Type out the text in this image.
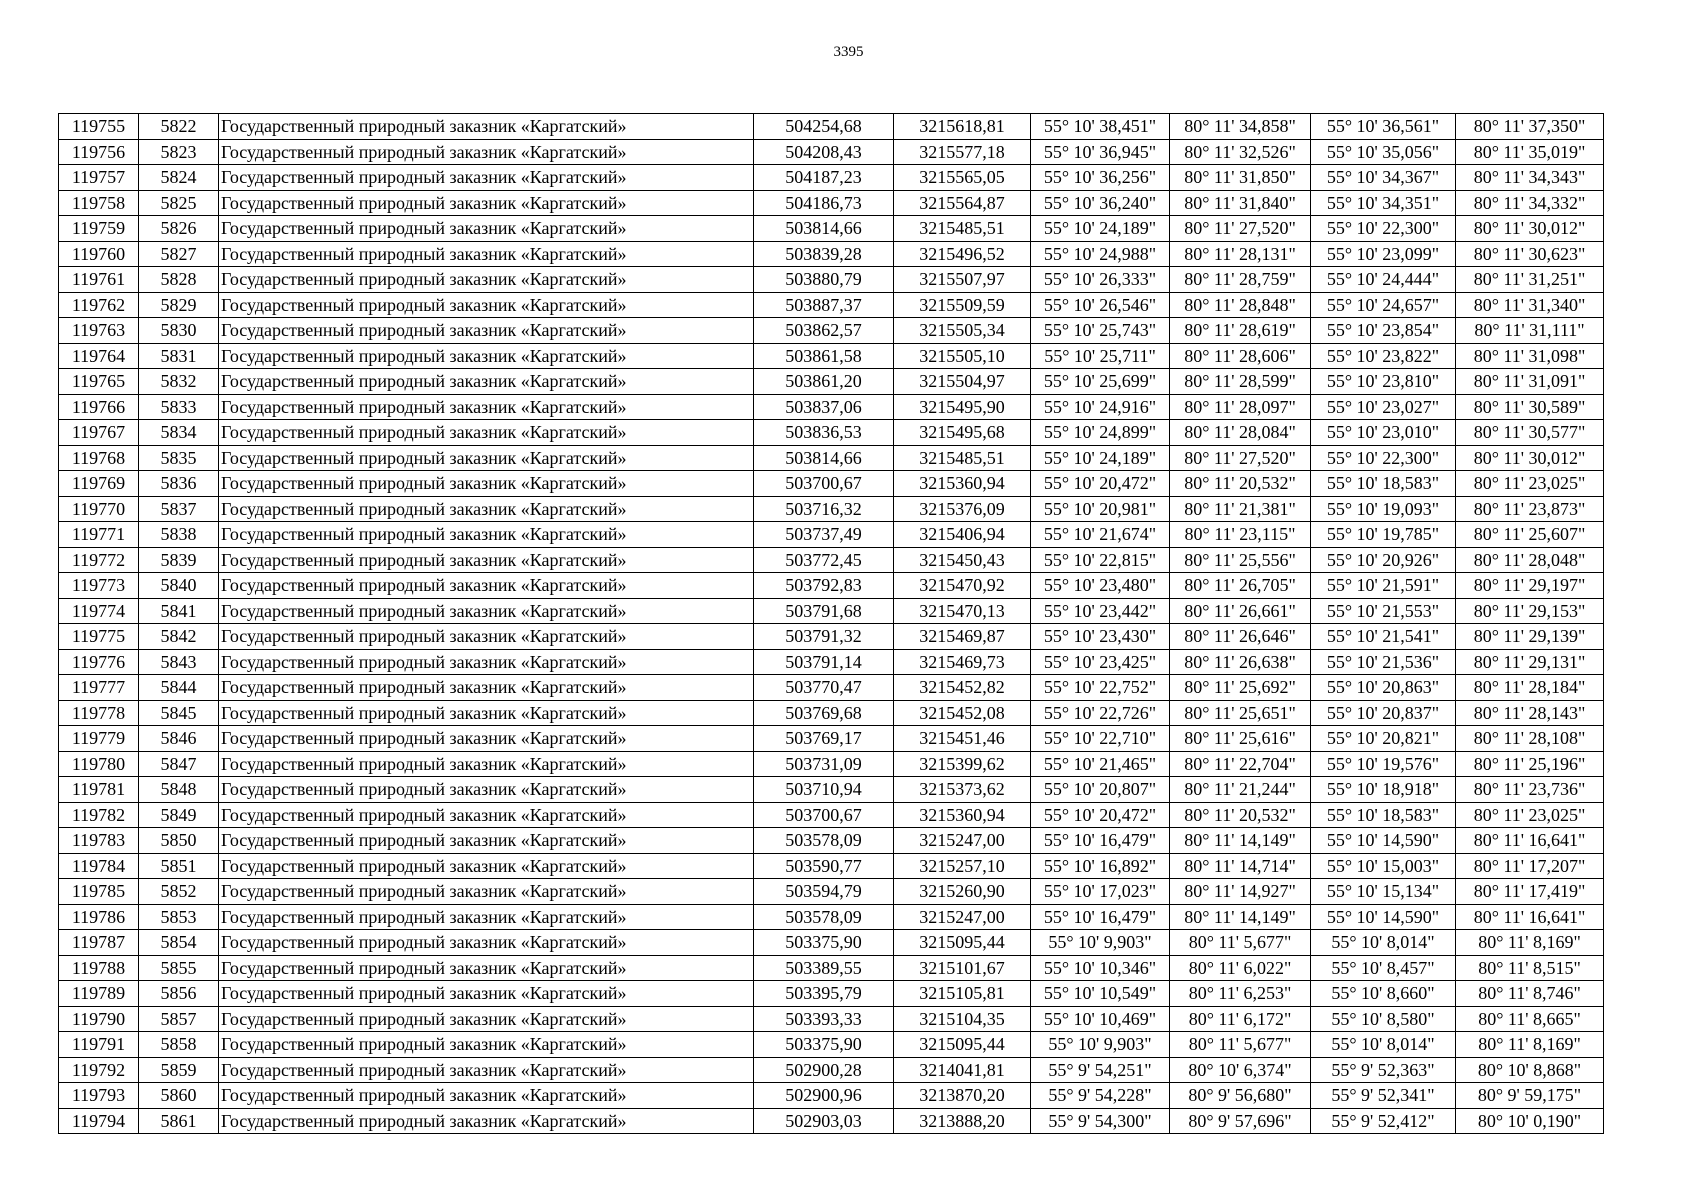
3395
119755	5822	Государственный природный заказник «Каргатский»	504254,68	3215618,81	55° 10' 38,451"	80° 11' 34,858"	55° 10' 36,561"	80° 11' 37,350"
119756	5823	Государственный природный заказник «Каргатский»	504208,43	3215577,18	55° 10' 36,945"	80° 11' 32,526"	55° 10' 35,056"	80° 11' 35,019"
119757	5824	Государственный природный заказник «Каргатский»	504187,23	3215565,05	55° 10' 36,256"	80° 11' 31,850"	55° 10' 34,367"	80° 11' 34,343"
119758	5825	Государственный природный заказник «Каргатский»	504186,73	3215564,87	55° 10' 36,240"	80° 11' 31,840"	55° 10' 34,351"	80° 11' 34,332"
119759	5826	Государственный природный заказник «Каргатский»	503814,66	3215485,51	55° 10' 24,189"	80° 11' 27,520"	55° 10' 22,300"	80° 11' 30,012"
119760	5827	Государственный природный заказник «Каргатский»	503839,28	3215496,52	55° 10' 24,988"	80° 11' 28,131"	55° 10' 23,099"	80° 11' 30,623"
119761	5828	Государственный природный заказник «Каргатский»	503880,79	3215507,97	55° 10' 26,333"	80° 11' 28,759"	55° 10' 24,444"	80° 11' 31,251"
119762	5829	Государственный природный заказник «Каргатский»	503887,37	3215509,59	55° 10' 26,546"	80° 11' 28,848"	55° 10' 24,657"	80° 11' 31,340"
119763	5830	Государственный природный заказник «Каргатский»	503862,57	3215505,34	55° 10' 25,743"	80° 11' 28,619"	55° 10' 23,854"	80° 11' 31,111"
119764	5831	Государственный природный заказник «Каргатский»	503861,58	3215505,10	55° 10' 25,711"	80° 11' 28,606"	55° 10' 23,822"	80° 11' 31,098"
119765	5832	Государственный природный заказник «Каргатский»	503861,20	3215504,97	55° 10' 25,699"	80° 11' 28,599"	55° 10' 23,810"	80° 11' 31,091"
119766	5833	Государственный природный заказник «Каргатский»	503837,06	3215495,90	55° 10' 24,916"	80° 11' 28,097"	55° 10' 23,027"	80° 11' 30,589"
119767	5834	Государственный природный заказник «Каргатский»	503836,53	3215495,68	55° 10' 24,899"	80° 11' 28,084"	55° 10' 23,010"	80° 11' 30,577"
119768	5835	Государственный природный заказник «Каргатский»	503814,66	3215485,51	55° 10' 24,189"	80° 11' 27,520"	55° 10' 22,300"	80° 11' 30,012"
119769	5836	Государственный природный заказник «Каргатский»	503700,67	3215360,94	55° 10' 20,472"	80° 11' 20,532"	55° 10' 18,583"	80° 11' 23,025"
119770	5837	Государственный природный заказник «Каргатский»	503716,32	3215376,09	55° 10' 20,981"	80° 11' 21,381"	55° 10' 19,093"	80° 11' 23,873"
119771	5838	Государственный природный заказник «Каргатский»	503737,49	3215406,94	55° 10' 21,674"	80° 11' 23,115"	55° 10' 19,785"	80° 11' 25,607"
119772	5839	Государственный природный заказник «Каргатский»	503772,45	3215450,43	55° 10' 22,815"	80° 11' 25,556"	55° 10' 20,926"	80° 11' 28,048"
119773	5840	Государственный природный заказник «Каргатский»	503792,83	3215470,92	55° 10' 23,480"	80° 11' 26,705"	55° 10' 21,591"	80° 11' 29,197"
119774	5841	Государственный природный заказник «Каргатский»	503791,68	3215470,13	55° 10' 23,442"	80° 11' 26,661"	55° 10' 21,553"	80° 11' 29,153"
119775	5842	Государственный природный заказник «Каргатский»	503791,32	3215469,87	55° 10' 23,430"	80° 11' 26,646"	55° 10' 21,541"	80° 11' 29,139"
119776	5843	Государственный природный заказник «Каргатский»	503791,14	3215469,73	55° 10' 23,425"	80° 11' 26,638"	55° 10' 21,536"	80° 11' 29,131"
119777	5844	Государственный природный заказник «Каргатский»	503770,47	3215452,82	55° 10' 22,752"	80° 11' 25,692"	55° 10' 20,863"	80° 11' 28,184"
119778	5845	Государственный природный заказник «Каргатский»	503769,68	3215452,08	55° 10' 22,726"	80° 11' 25,651"	55° 10' 20,837"	80° 11' 28,143"
119779	5846	Государственный природный заказник «Каргатский»	503769,17	3215451,46	55° 10' 22,710"	80° 11' 25,616"	55° 10' 20,821"	80° 11' 28,108"
119780	5847	Государственный природный заказник «Каргатский»	503731,09	3215399,62	55° 10' 21,465"	80° 11' 22,704"	55° 10' 19,576"	80° 11' 25,196"
119781	5848	Государственный природный заказник «Каргатский»	503710,94	3215373,62	55° 10' 20,807"	80° 11' 21,244"	55° 10' 18,918"	80° 11' 23,736"
119782	5849	Государственный природный заказник «Каргатский»	503700,67	3215360,94	55° 10' 20,472"	80° 11' 20,532"	55° 10' 18,583"	80° 11' 23,025"
119783	5850	Государственный природный заказник «Каргатский»	503578,09	3215247,00	55° 10' 16,479"	80° 11' 14,149"	55° 10' 14,590"	80° 11' 16,641"
119784	5851	Государственный природный заказник «Каргатский»	503590,77	3215257,10	55° 10' 16,892"	80° 11' 14,714"	55° 10' 15,003"	80° 11' 17,207"
119785	5852	Государственный природный заказник «Каргатский»	503594,79	3215260,90	55° 10' 17,023"	80° 11' 14,927"	55° 10' 15,134"	80° 11' 17,419"
119786	5853	Государственный природный заказник «Каргатский»	503578,09	3215247,00	55° 10' 16,479"	80° 11' 14,149"	55° 10' 14,590"	80° 11' 16,641"
119787	5854	Государственный природный заказник «Каргатский»	503375,90	3215095,44	55° 10' 9,903"	80° 11' 5,677"	55° 10' 8,014"	80° 11' 8,169"
119788	5855	Государственный природный заказник «Каргатский»	503389,55	3215101,67	55° 10' 10,346"	80° 11' 6,022"	55° 10' 8,457"	80° 11' 8,515"
119789	5856	Государственный природный заказник «Каргатский»	503395,79	3215105,81	55° 10' 10,549"	80° 11' 6,253"	55° 10' 8,660"	80° 11' 8,746"
119790	5857	Государственный природный заказник «Каргатский»	503393,33	3215104,35	55° 10' 10,469"	80° 11' 6,172"	55° 10' 8,580"	80° 11' 8,665"
119791	5858	Государственный природный заказник «Каргатский»	503375,90	3215095,44	55° 10' 9,903"	80° 11' 5,677"	55° 10' 8,014"	80° 11' 8,169"
119792	5859	Государственный природный заказник «Каргатский»	502900,28	3214041,81	55° 9' 54,251"	80° 10' 6,374"	55° 9' 52,363"	80° 10' 8,868"
119793	5860	Государственный природный заказник «Каргатский»	502900,96	3213870,20	55° 9' 54,228"	80° 9' 56,680"	55° 9' 52,341"	80° 9' 59,175"
119794	5861	Государственный природный заказник «Каргатский»	502903,03	3213888,20	55° 9' 54,300"	80° 9' 57,696"	55° 9' 52,412"	80° 10' 0,190"
